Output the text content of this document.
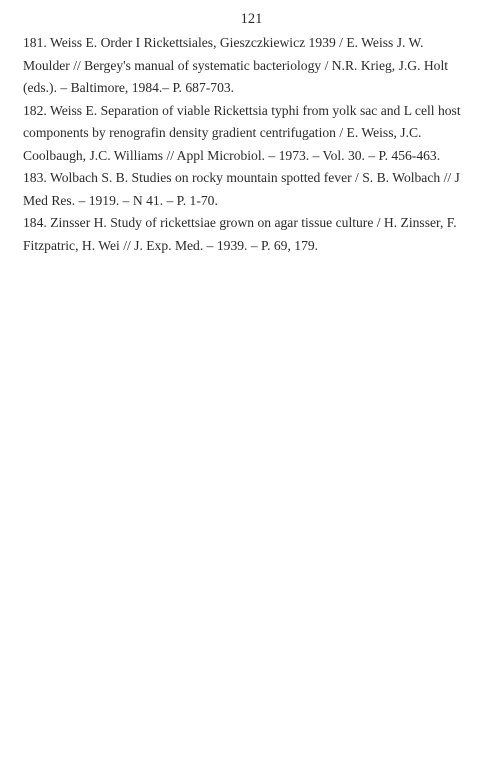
121
181. Weiss E. Order I Rickettsiales, Gieszczkiewicz 1939 / E. Weiss J. W.
Moulder // Bergey's manual of systematic bacteriology / N.R. Krieg, J.G. Holt
(eds.). – Baltimore, 1984.– P. 687-703.
182. Weiss E. Separation of viable Rickettsia typhi from yolk sac and L cell host
components by renografin density gradient centrifugation / E. Weiss, J.C.
Coolbaugh, J.C. Williams // Appl Microbiol. – 1973. – Vol. 30. – P. 456-463.
183. Wolbach S. B. Studies on rocky mountain spotted fever / S. B. Wolbach // J
Med Res. – 1919. – N 41. – P. 1-70.
184. Zinsser H. Study of rickettsiae grown on agar tissue culture / H. Zinsser, F.
Fitzpatric, H. Wei // J. Exp. Med. – 1939. – P. 69, 179.
